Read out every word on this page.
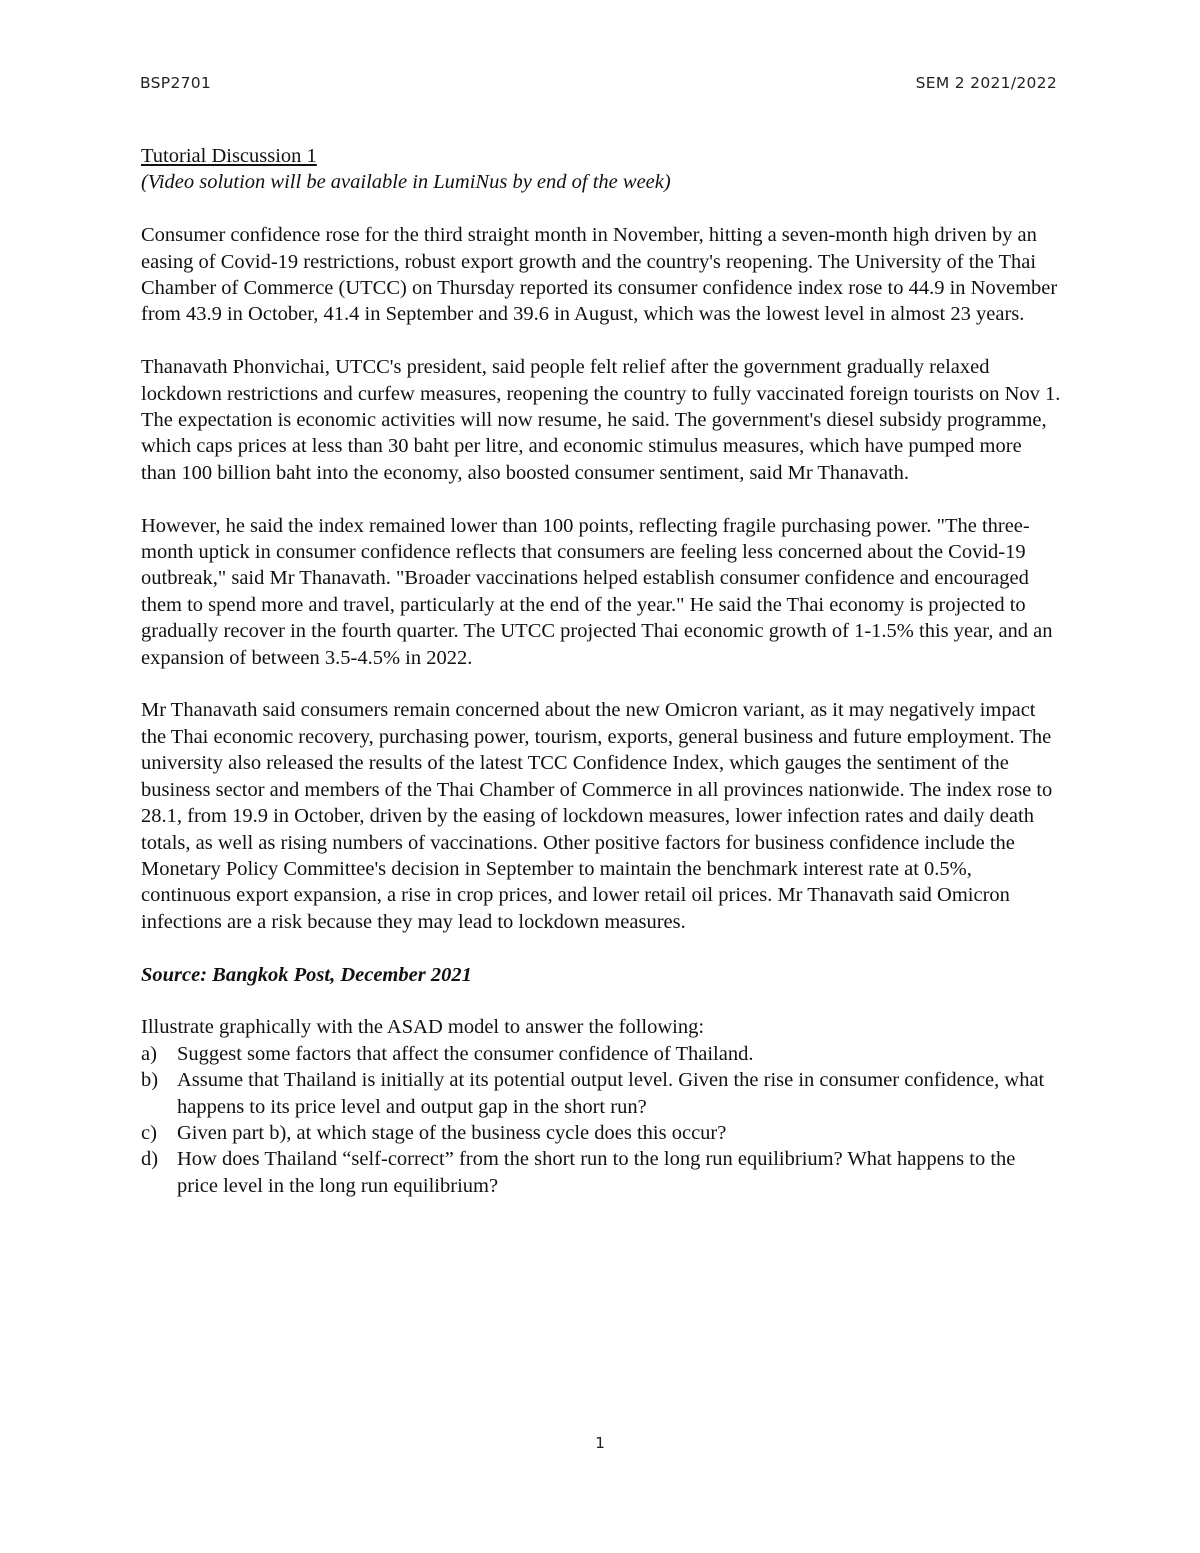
BSP2701	SEM 2 2021/2022
Tutorial Discussion 1

(Video solution will be available in LumiNus by end of the week)

Consumer confidence rose for the third straight month in November, hitting a seven-month high driven by an easing of Covid-19 restrictions, robust export growth and the country's reopening. The University of the Thai Chamber of Commerce (UTCC) on Thursday reported its consumer confidence index rose to 44.9 in November from 43.9 in October, 41.4 in September and 39.6 in August, which was the lowest level in almost 23 years.

Thanavath Phonvichai, UTCC's president, said people felt relief after the government gradually relaxed lockdown restrictions and curfew measures, reopening the country to fully vaccinated foreign tourists on Nov 1. The expectation is economic activities will now resume, he said. The government's diesel subsidy programme, which caps prices at less than 30 baht per litre, and economic stimulus measures, which have pumped more than 100 billion baht into the economy, also boosted consumer sentiment, said Mr Thanavath.

However, he said the index remained lower than 100 points, reflecting fragile purchasing power. "The three-month uptick in consumer confidence reflects that consumers are feeling less concerned about the Covid-19 outbreak," said Mr Thanavath. "Broader vaccinations helped establish consumer confidence and encouraged them to spend more and travel, particularly at the end of the year." He said the Thai economy is projected to gradually recover in the fourth quarter. The UTCC projected Thai economic growth of 1-1.5% this year, and an expansion of between 3.5-4.5% in 2022.

Mr Thanavath said consumers remain concerned about the new Omicron variant, as it may negatively impact the Thai economic recovery, purchasing power, tourism, exports, general business and future employment. The university also released the results of the latest TCC Confidence Index, which gauges the sentiment of the business sector and members of the Thai Chamber of Commerce in all provinces nationwide. The index rose to 28.1, from 19.9 in October, driven by the easing of lockdown measures, lower infection rates and daily death totals, as well as rising numbers of vaccinations. Other positive factors for business confidence include the Monetary Policy Committee's decision in September to maintain the benchmark interest rate at 0.5%, continuous export expansion, a rise in crop prices, and lower retail oil prices. Mr Thanavath said Omicron infections are a risk because they may lead to lockdown measures.

Source: Bangkok Post, December 2021

Illustrate graphically with the ASAD model to answer the following:

a) Suggest some factors that affect the consumer confidence of Thailand.
b) Assume that Thailand is initially at its potential output level. Given the rise in consumer confidence, what happens to its price level and output gap in the short run?
c) Given part b), at which stage of the business cycle does this occur?
d) How does Thailand “self-correct” from the short run to the long run equilibrium? What happens to the price level in the long run equilibrium?
1
